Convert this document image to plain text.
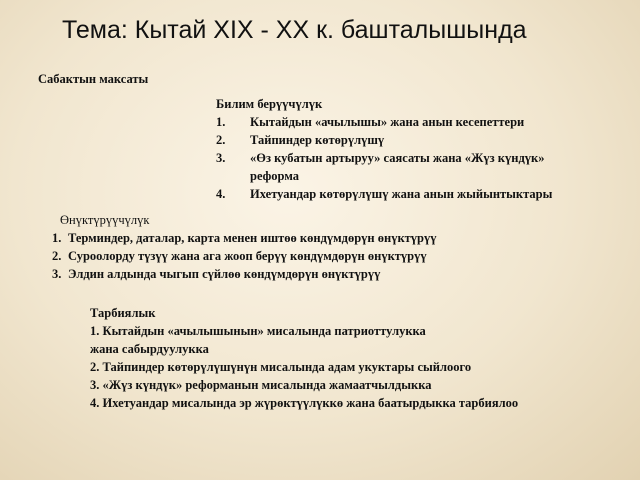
Тема: Кытай XIX - XX к. башталышында
Сабактын максаты
Билим берүүчүлүк
1. Кытайдын «ачылышы» жана анын кесепеттери
2. Тайпиндер көтөрүлүшү
3. «Өз кубатын артыруу» саясаты жана «Жүз күндүк» реформа
4. Ихетуандар көтөрүлүшү жана анын жыйынтыктары
Өнүктүрүүчүлүк
1. Терминдер, даталар, карта менен иштөө көндүмдөрүн өнүктүрүү
2. Суроолорду түзүү жана ага жооп берүү көндүмдөрүн өнүктүрүү
3. Элдин алдында чыгып сүйлөө көндүмдөрүн өнүктүрүү
Тарбиялык
1. Кытайдын «ачылышынын» мисалында патриоттулукка
жана сабырдуулукка
2. Тайпиндер көтөрүлүшүнүн мисалында адам укуктары сыйлоого
3. «Жүз күндүк» реформанын мисалында жамаатчылдыкка
4. Ихетуандар мисалында эр жүрөктүүлүккө жана баатырдыкка тарбиялоо
